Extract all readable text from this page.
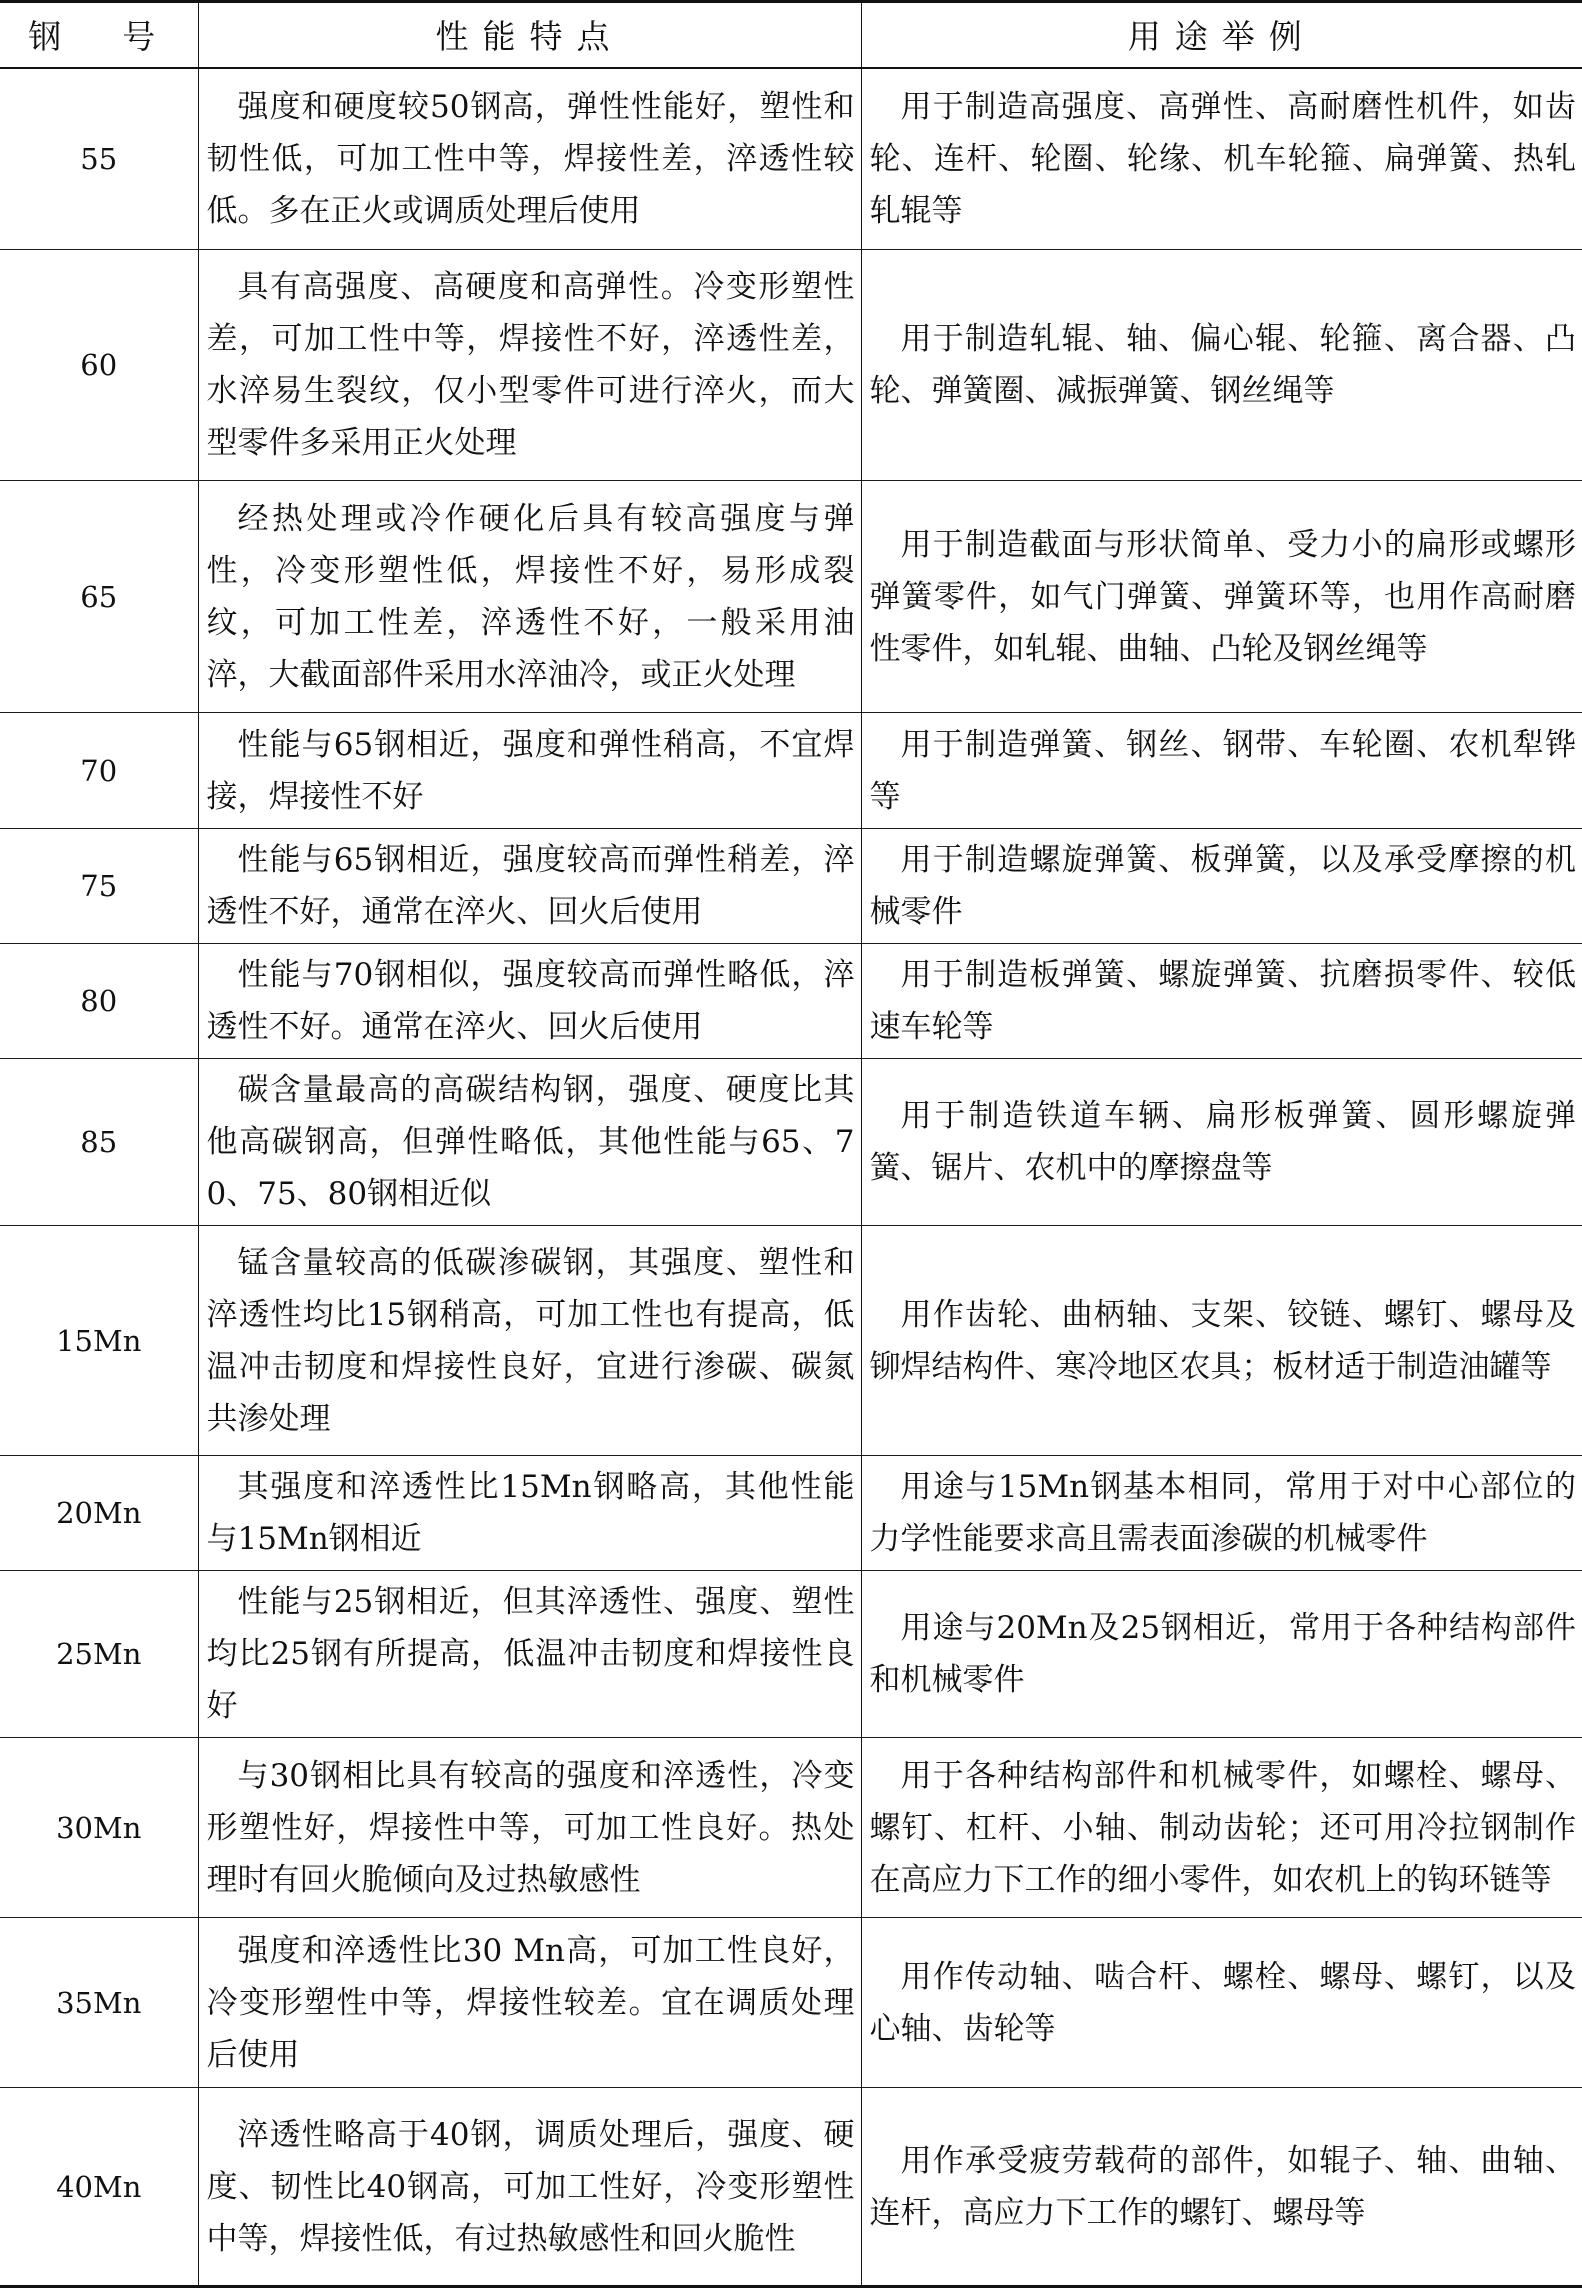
钢　号	性能特点	用途举例
55	强度和硬度较50钢高，弹性性能好，塑性和韧性低，可加工性中等，焊接性差，淬透性较低。多在正火或调质处理后使用	用于制造高强度、高弹性、高耐磨性机件，如齿轮、连杆、轮圈、轮缘、机车轮箍、扁弹簧、热轧轧辊等
60	具有高强度、高硬度和高弹性。冷变形塑性差，可加工性中等，焊接性不好，淬透性差，水淬易生裂纹，仅小型零件可进行淬火，而大型零件多采用正火处理	用于制造轧辊、轴、偏心辊、轮箍、离合器、凸轮、弹簧圈、减振弹簧、钢丝绳等
65	经热处理或冷作硬化后具有较高强度与弹性，冷变形塑性低，焊接性不好，易形成裂纹，可加工性差，淬透性不好，一般采用油淬，大截面部件采用水淬油冷，或正火处理	用于制造截面与形状简单、受力小的扁形或螺形弹簧零件，如气门弹簧、弹簧环等，也用作高耐磨性零件，如轧辊、曲轴、凸轮及钢丝绳等
70	性能与65钢相近，强度和弹性稍高，不宜焊接，焊接性不好	用于制造弹簧、钢丝、钢带、车轮圈、农机犁铧等
75	性能与65钢相近，强度较高而弹性稍差，淬透性不好，通常在淬火、回火后使用	用于制造螺旋弹簧、板弹簧，以及承受摩擦的机械零件
80	性能与70钢相似，强度较高而弹性略低，淬透性不好。通常在淬火、回火后使用	用于制造板弹簧、螺旋弹簧、抗磨损零件、较低速车轮等
85	碳含量最高的高碳结构钢，强度、硬度比其他高碳钢高，但弹性略低，其他性能与65、70、75、80钢相近似	用于制造铁道车辆、扁形板弹簧、圆形螺旋弹簧、锯片、农机中的摩擦盘等
15Mn	锰含量较高的低碳渗碳钢，其强度、塑性和淬透性均比15钢稍高，可加工性也有提高，低温冲击韧度和焊接性良好，宜进行渗碳、碳氮共渗处理	用作齿轮、曲柄轴、支架、铰链、螺钉、螺母及铆焊结构件、寒冷地区农具；板材适于制造油罐等
20Mn	其强度和淬透性比15Mn钢略高，其他性能与15Mn钢相近	用途与15Mn钢基本相同，常用于对中心部位的力学性能要求高且需表面渗碳的机械零件
25Mn	性能与25钢相近，但其淬透性、强度、塑性均比25钢有所提高，低温冲击韧度和焊接性良好	用途与20Mn及25钢相近，常用于各种结构部件和机械零件
30Mn	与30钢相比具有较高的强度和淬透性，冷变形塑性好，焊接性中等，可加工性良好。热处理时有回火脆倾向及过热敏感性	用于各种结构部件和机械零件，如螺栓、螺母、螺钉、杠杆、小轴、制动齿轮；还可用冷拉钢制作在高应力下工作的细小零件，如农机上的钩环链等
35Mn	强度和淬透性比30 Mn高，可加工性良好，冷变形塑性中等，焊接性较差。宜在调质处理后使用	用作传动轴、啮合杆、螺栓、螺母、螺钉，以及心轴、齿轮等
40Mn	淬透性略高于40钢，调质处理后，强度、硬度、韧性比40钢高，可加工性好，冷变形塑性中等，焊接性低，有过热敏感性和回火脆性	用作承受疲劳载荷的部件，如辊子、轴、曲轴、连杆，高应力下工作的螺钉、螺母等
